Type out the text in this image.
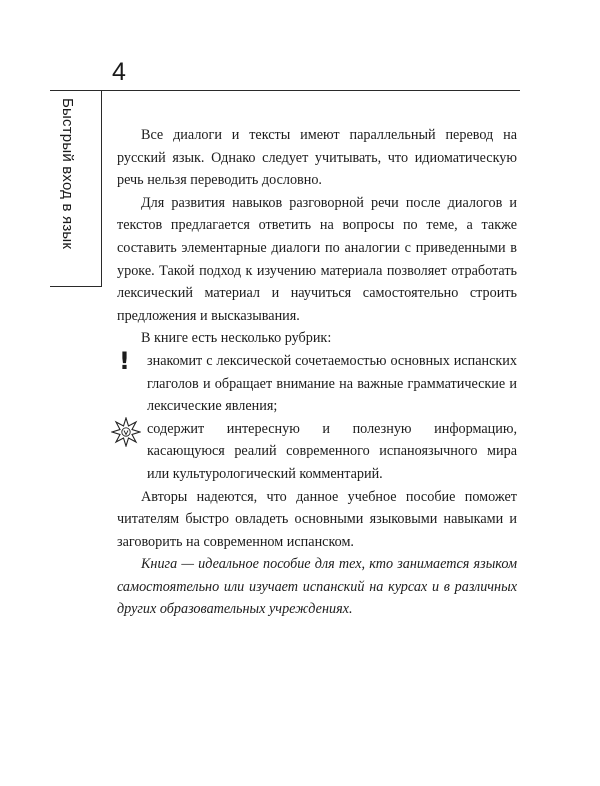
4
Быстрый вход в язык	Все диалоги и тексты имеют параллельный перевод на русский язык. Однако следует учитывать, что идиоматическую речь нельзя переводить дословно.

Для развития навыков разговорной речи после диалогов и текстов предлагается ответить на вопросы по теме, а также составить элементарные диалоги по аналогии с приведенными в уроке. Такой подход к изучению материала позволяет отработать лексический материал и научиться самостоятельно строить предложения и высказывания.

В книге есть несколько рубрик:

! знакомит с лексической сочетаемостью основных испанских глаголов и обращает внимание на важные грамматические и лексические явления;
содержит интересную и полезную информацию, касающуюся реалий современного испаноязычного мира или культурологический комментарий.

Авторы надеются, что данное учебное пособие поможет читателям быстро овладеть основными языковыми навыками и заговорить на современном испанском.

Книга — идеальное пособие для тех, кто занимается языком самостоятельно или изучает испанский на курсах и в различных других образовательных учреждениях.
